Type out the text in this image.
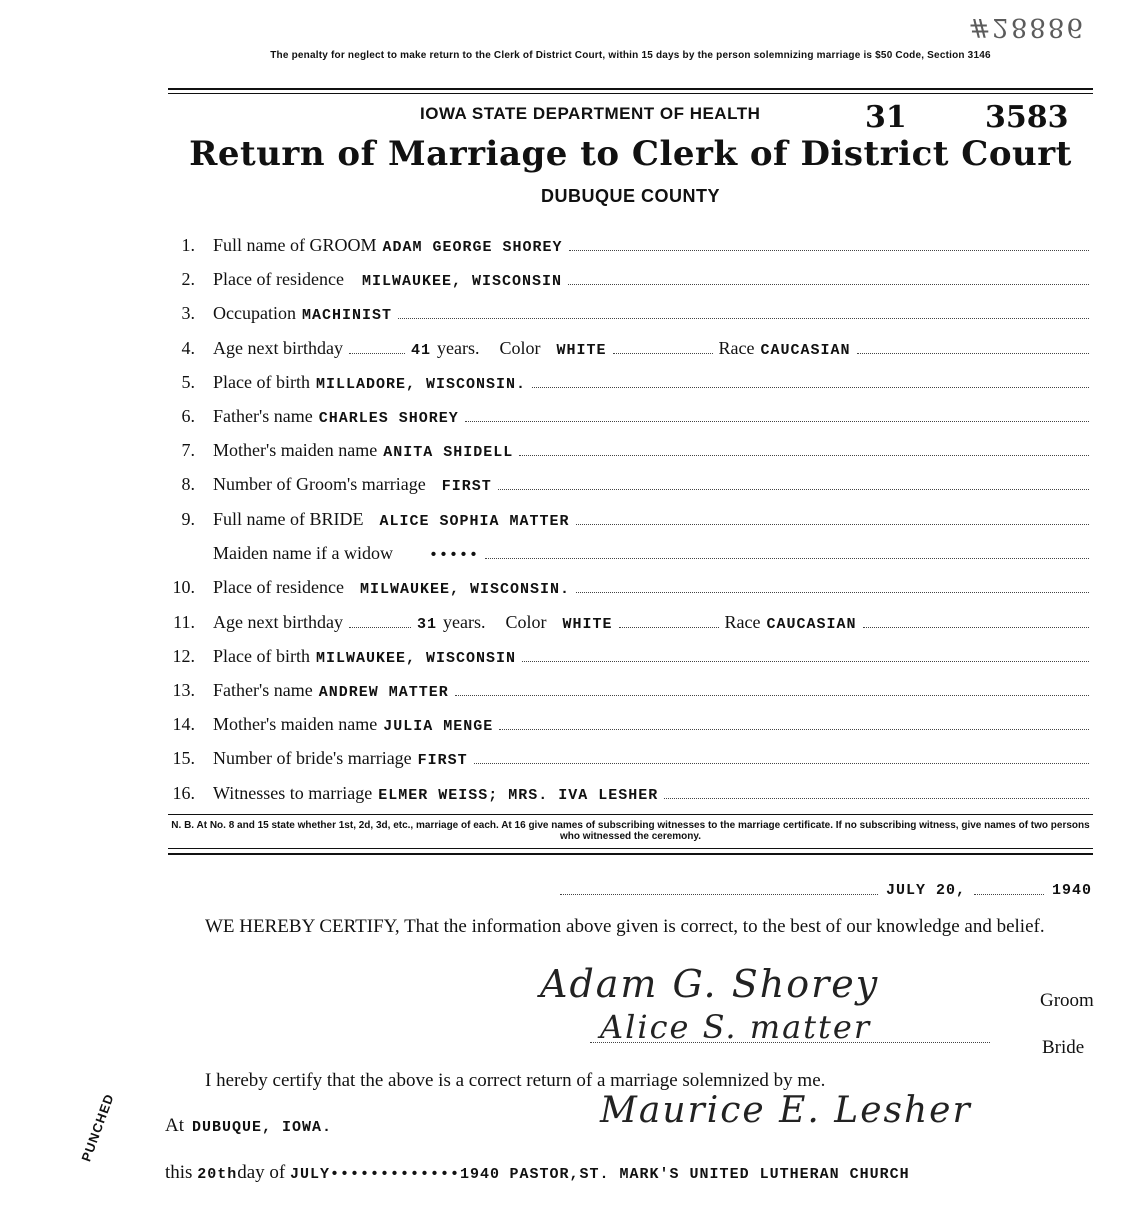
#28886
The penalty for neglect to make return to the Clerk of District Court, within 15 days by the person solemnizing marriage is $50 Code, Section 3146
IOWA STATE DEPARTMENT OF HEALTH	31	3583
Return of Marriage to Clerk of District Court
DUBUQUE COUNTY
1. Full name of GROOM ADAM GEORGE SHOREY
2. Place of residence MILWAUKEE, WISCONSIN
3. Occupation MACHINIST
4. Age next birthday	41 years. Color WHITE	Race CAUCASIAN
5. Place of birth MILLADORE, WISCONSIN.
6. Father's name CHARLES SHOREY
7. Mother's maiden name ANITA SHIDELL
8. Number of Groom's marriage FIRST
9. Full name of BRIDE ALICE SOPHIA MATTER
Maiden name if a widow •••••
10. Place of residence MILWAUKEE, WISCONSIN.
11. Age next birthday	31 years. Color WHITE	Race CAUCASIAN
12. Place of birth MILWAUKEE, WISCONSIN
13. Father's name ANDREW MATTER
14. Mother's maiden name JULIA MENGE
15. Number of bride's marriage FIRST
16. Witnesses to marriage ELMER WEISS; MRS. IVA LESHER
N. B. At No. 8 and 15 state whether 1st, 2d, 3d, etc., marriage of each. At 16 give names of subscribing witnesses to the marriage certificate. If no subscribing witness, give names of two persons who witnessed the ceremony.
JULY 20,	1940
WE HEREBY CERTIFY, That the information above given is correct, to the best of our knowledge and belief.
Adam G. Shorey	Groom
Alice S. matter
Bride
I hereby certify that the above is a correct return of a marriage solemnized by me.
At DUBUQUE, IOWA.	Maurice E. Lesher
this
20th day of
JULY••••••••••••• 1940
PASTOR,ST. MARK'S UNITED LUTHERAN CHURCH
PUNCHED
